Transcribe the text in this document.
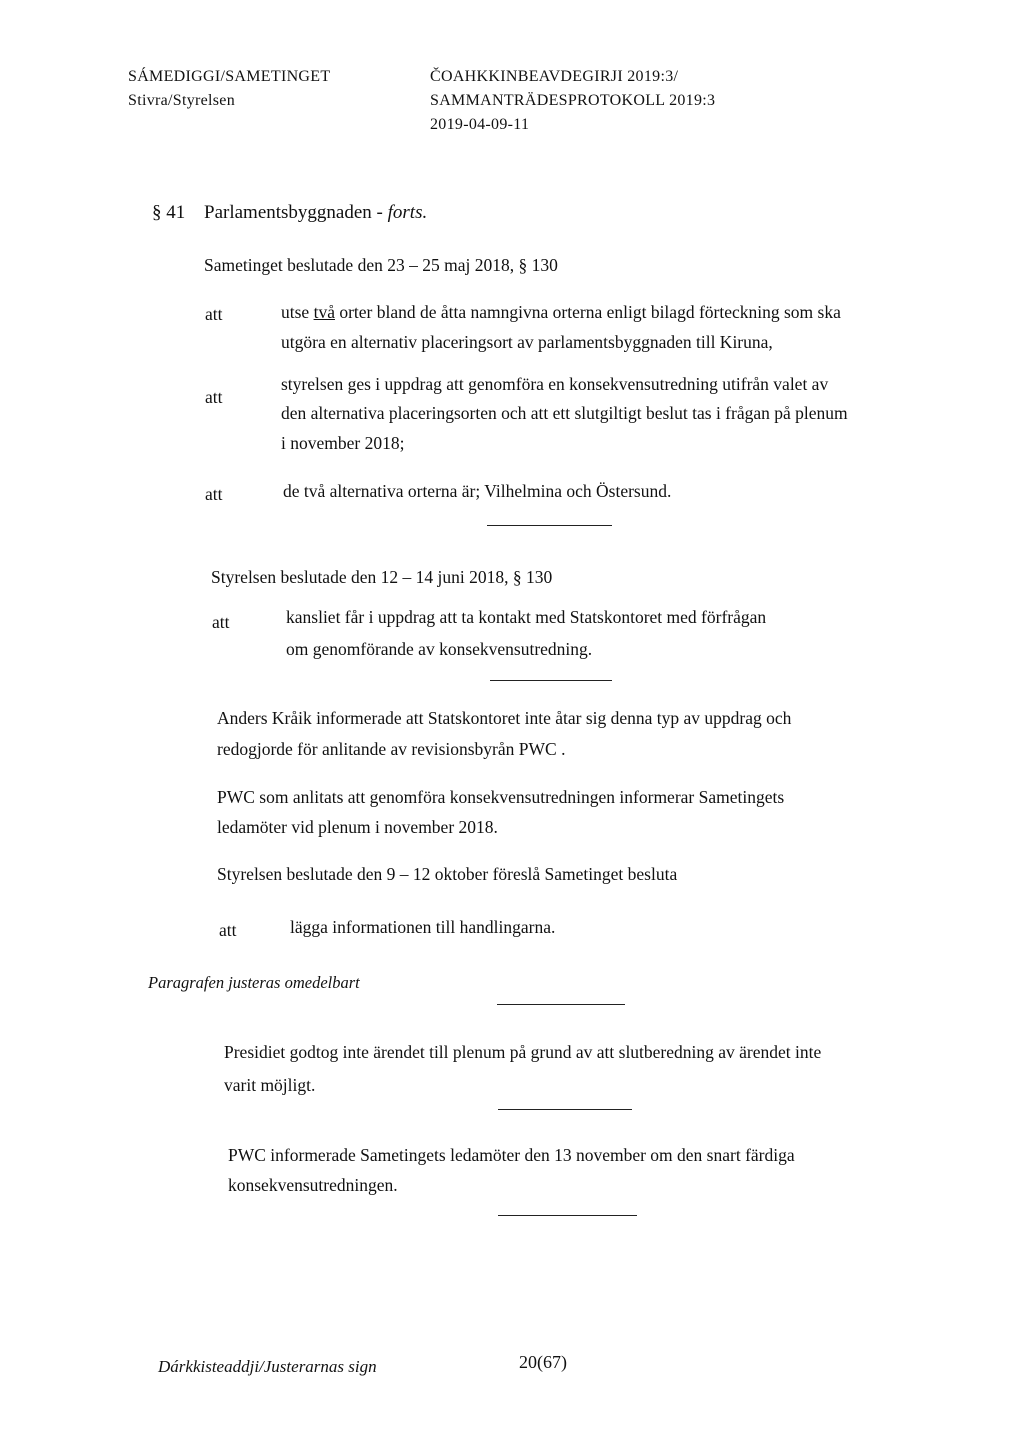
SÁMEDIGGI/SAMETINGET
Stivra/Styrelsen
ČOAHKKINBEAVDEGIRJI 2019:3/
SAMMANTRÄDESPROTOKOLL 2019:3
2019-04-09-11
§ 41 Parlamentsbyggnaden - forts.
Sametinget beslutade den 23 – 25 maj 2018, § 130
att	utse två orter bland de åtta namngivna orterna enligt bilagd förteckning som ska
utgöra en alternativ placeringsort av parlamentsbyggnaden till Kiruna,
att
styrelsen ges i uppdrag att genomföra en konsekvensutredning utifrån valet av
den alternativa placeringsorten och att ett slutgiltigt beslut tas i frågan på plenum
i november 2018;
att	de två alternativa orterna är; Vilhelmina och Östersund.
Styrelsen beslutade den 12 – 14 juni 2018, § 130
att	kansliet får i uppdrag att ta kontakt med Statskontoret med förfrågan
om genomförande av konsekvensutredning.
Anders Kråik informerade att Statskontoret inte åtar sig denna typ av uppdrag och
redogjorde för anlitande av revisionsbyrån PWC .
PWC som anlitats att genomföra konsekvensutredningen informerar Sametingets
ledamöter vid plenum i november 2018.
Styrelsen beslutade den 9 – 12 oktober föreslå Sametinget besluta
att	lägga informationen till handlingarna.
Paragrafen justeras omedelbart
Presidiet godtog inte ärendet till plenum på grund av att slutberedning av ärendet inte
varit möjligt.
PWC informerade Sametingets ledamöter den 13 november om den snart färdiga
konsekvensutredningen.
Dárkkisteaddji/Justerarnas sign	20(67)
